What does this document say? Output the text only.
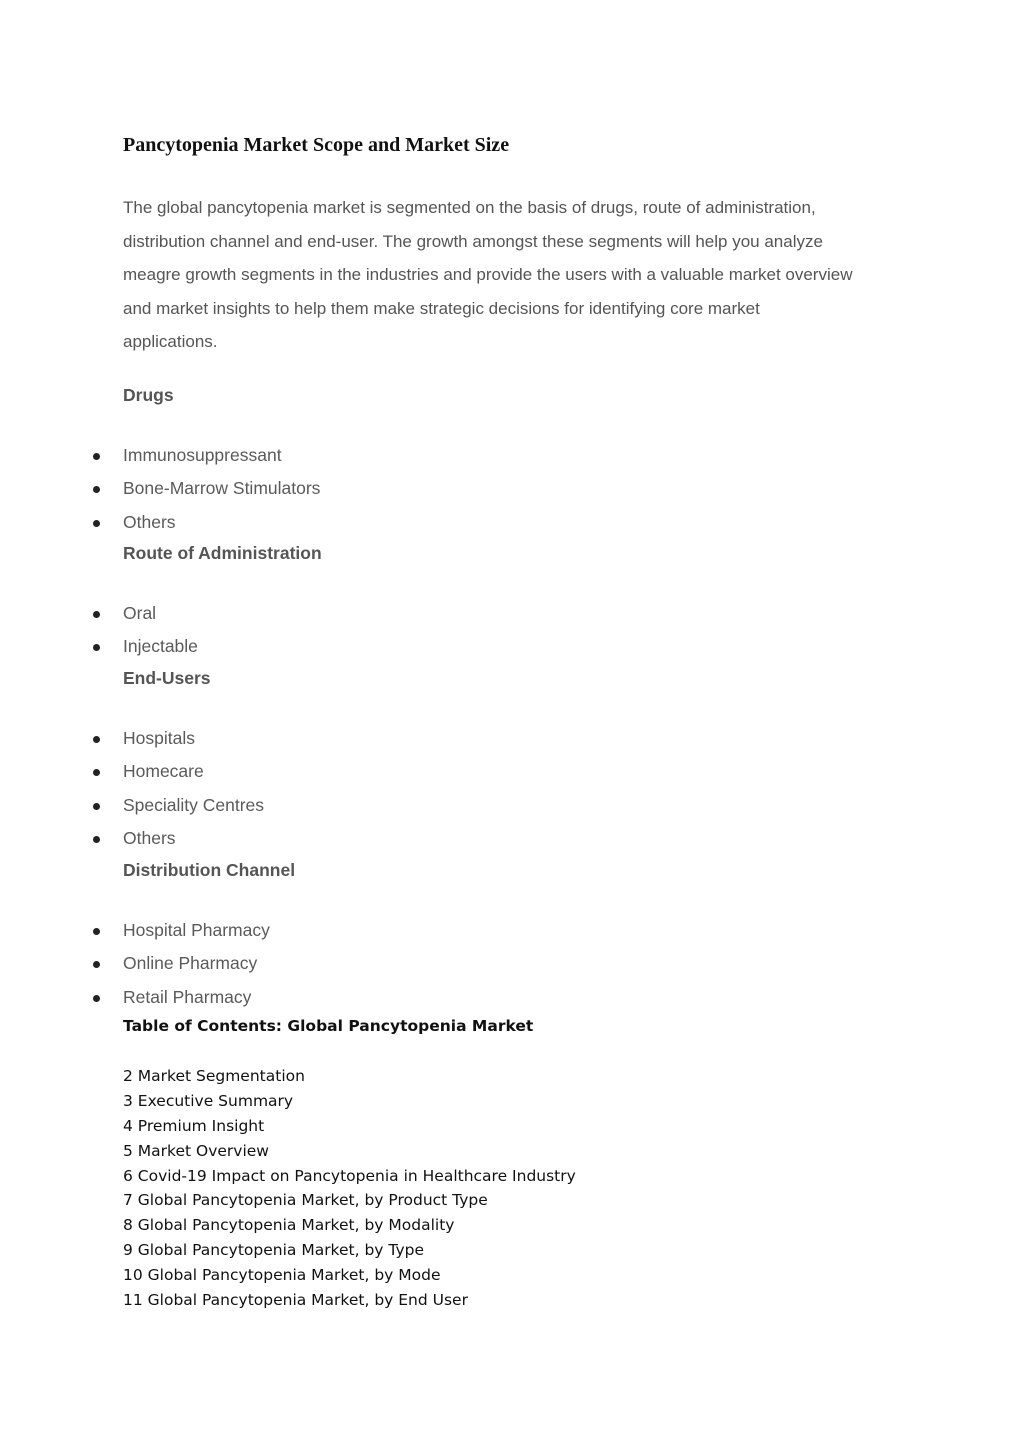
Pancytopenia Market Scope and Market Size
The global pancytopenia market is segmented on the basis of drugs, route of administration,
distribution channel and end-user. The growth amongst these segments will help you analyze
meagre growth segments in the industries and provide the users with a valuable market overview
and market insights to help them make strategic decisions for identifying core market
applications.
Drugs
Immunosuppressant
Bone-Marrow Stimulators
Others
Route of Administration
Oral
Injectable
End-Users
Hospitals
Homecare
Speciality Centres
Others
Distribution Channel
Hospital Pharmacy
Online Pharmacy
Retail Pharmacy
Table of Contents: Global Pancytopenia Market
2 Market Segmentation
3 Executive Summary
4 Premium Insight
5 Market Overview
6 Covid-19 Impact on Pancytopenia in Healthcare Industry
7 Global Pancytopenia Market, by Product Type
8 Global Pancytopenia Market, by Modality
9 Global Pancytopenia Market, by Type
10 Global Pancytopenia Market, by Mode
11 Global Pancytopenia Market, by End User
